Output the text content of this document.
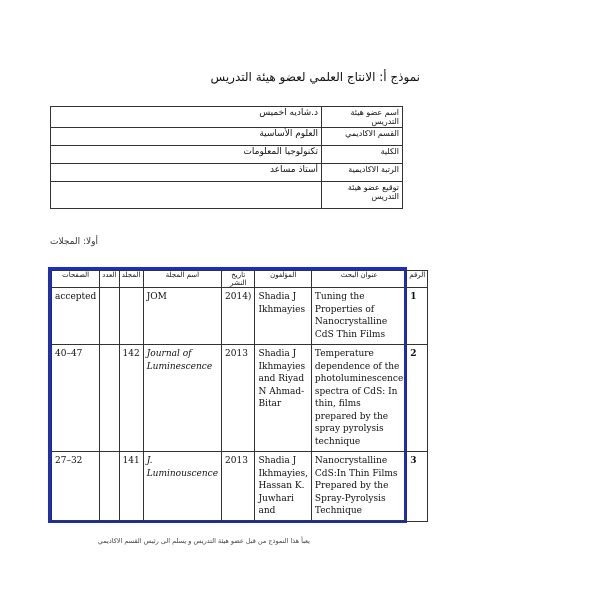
نموذج أ: الانتاج العلمي لعضو هيئة التدريس
اسم عضو هيئة التدريس	د.شاديه اخميس
القسم الاكاديمي	العلوم الأساسية
الكلية	تكنولوجيا المعلومات
الرتبة الاكاديمية	أستاذ مساعد
توقيع عضو هيئة التدريس	
أولا: المجلات
الرقم	عنوان البحث	المؤلفون	تاريخ النشر	اسم المجلة	المجلد	العدد	الصفحات
1	Tuning the Properties of Nanocrystalline CdS Thin Films	Shadia J Ikhmayies	2014)	JOM			accepted
2	Temperature dependence of the photoluminescence spectra of CdS: In thin, films prepared by the spray pyrolysis technique	Shadia J Ikhmayies and Riyad N Ahmad-Bitar	2013	Journal of Luminescence	142		40–47
3	Nanocrystalline CdS:In Thin Films Prepared by the Spray-Pyrolysis Technique	Shadia J Ikhmayies, Hassan K. Juwhari and	2013	J. Luminouscence	141		27–32
يعبأ هذا النموذج من قبل عضو هيئة التدريس و يسلم الى رئيس القسم الاكاديمي
